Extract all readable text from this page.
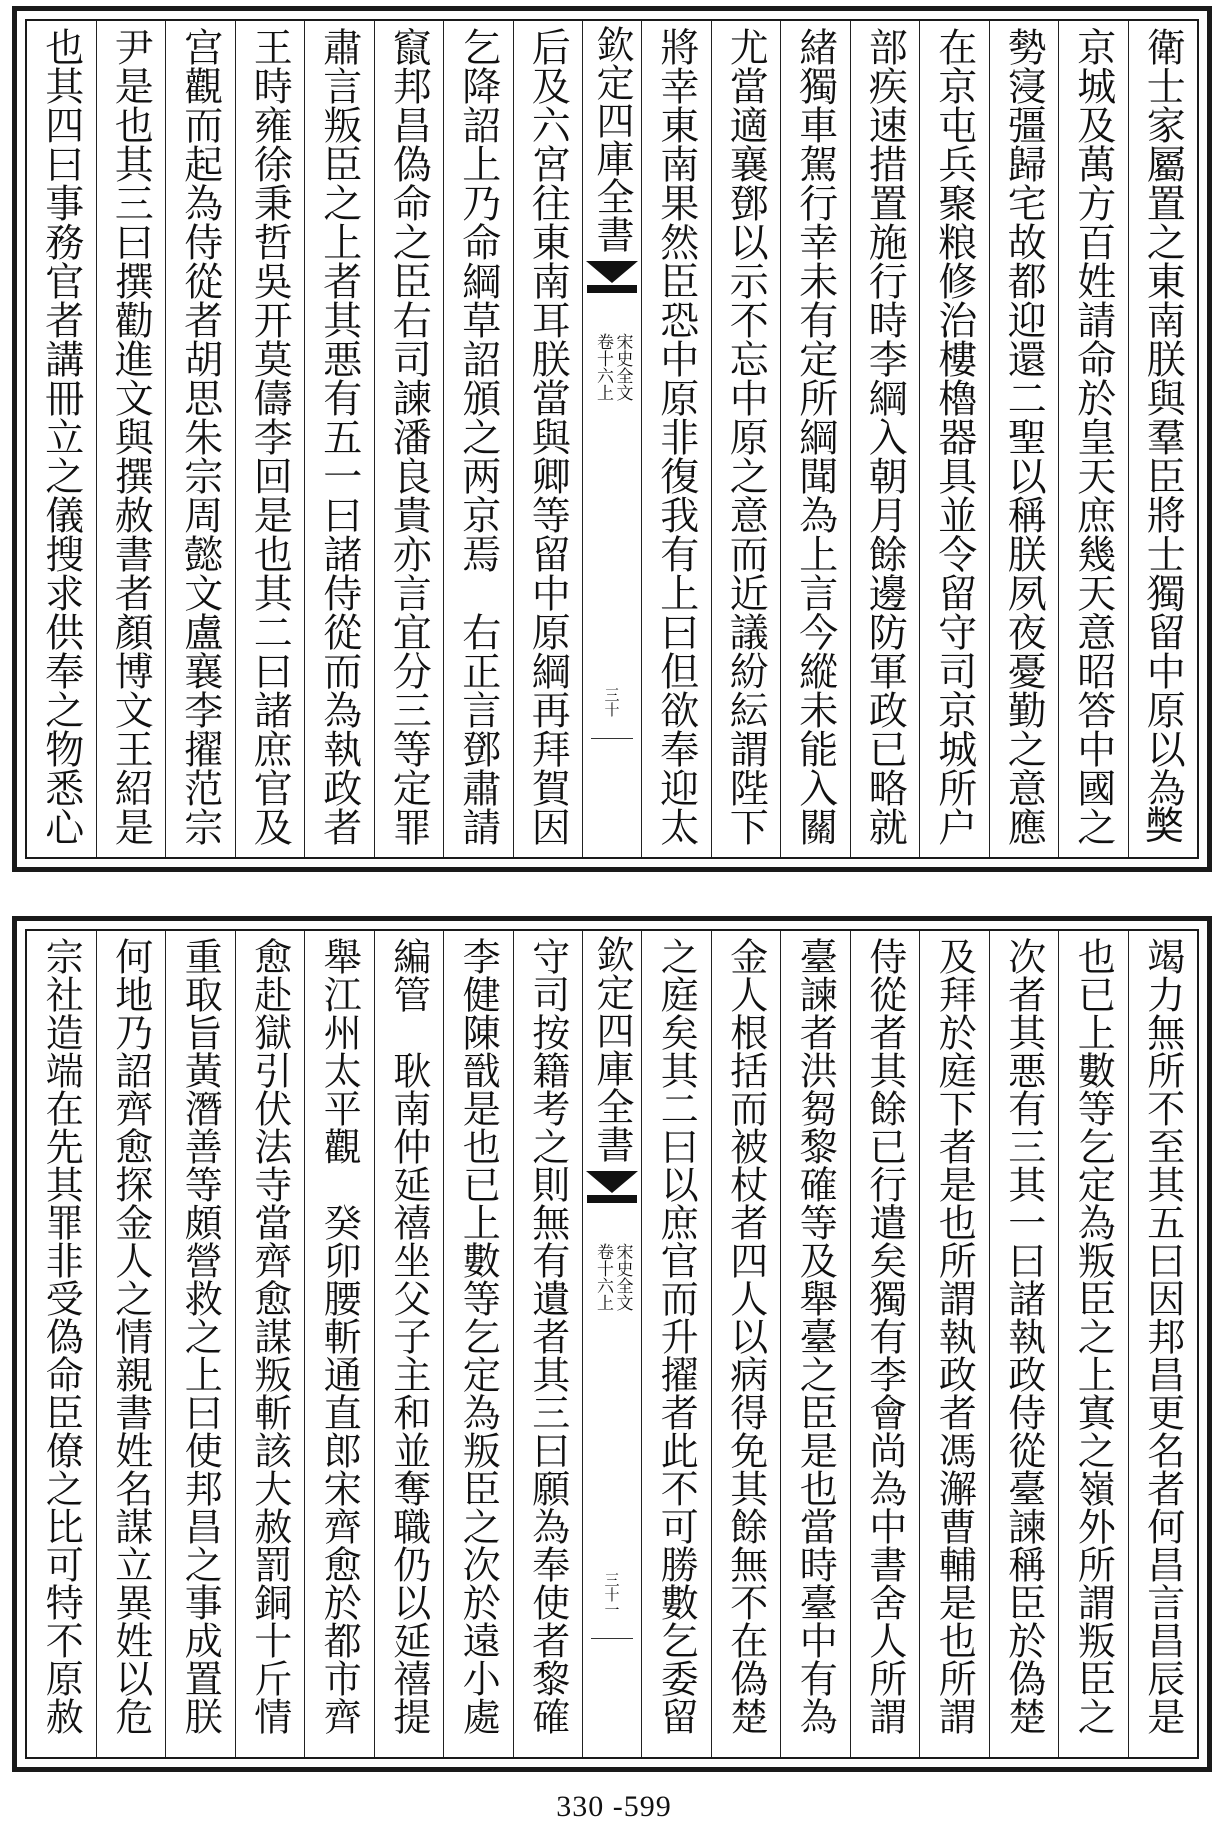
衛士家屬置之東南朕與羣臣將士獨留中原以為𡚁
京城及萬方百姓請命於皇天庶幾天意昭答中國之
勢寖彊歸宅故都迎還二聖以稱朕夙夜憂勤之意應
在京屯兵聚粮修治樓櫓器具並令留守司京城所户
部疾速措置施行時李綱入朝月餘邊防軍政已略就
緒獨車駕行幸未有定所綱聞為上言今縱未能入關
尤當適襄鄧以示不忘中原之意而近議紛紜謂陛下
將幸東南果然臣恐中原非復我有上曰但欲奉迎太
欽定四庫全書
宋史全文
卷十六上
三十
后及六宮往東南耳朕當與卿等留中原綱再拜賀因
乞降詔上乃命綱草詔頒之两京焉　右正言鄧肅請
竄邦昌偽命之臣右司諫潘良貴亦言宜分三等定罪
肅言叛臣之上者其悪有五一曰諸侍從而為執政者
王時雍徐秉哲吳开莫儔李回是也其二曰諸庶官及
宫觀而起為侍從者胡思朱宗周懿文盧襄李擢范宗
尹是也其三曰撰勸進文與撰赦書者顏博文王紹是
也其四曰事務官者講冊立之儀搜求供奉之物悉心
竭力無所不至其五曰因邦昌更名者何昌言昌辰是
也已上數等乞定為叛臣之上寘之嶺外所謂叛臣之
次者其悪有三其一曰諸執政侍從臺諫稱臣於偽楚
及拜於庭下者是也所謂執政者馮澥曹輔是也所謂
侍從者其餘已行遣矣獨有李會尚為中書舍人所謂
臺諫者洪芻黎確等及舉臺之臣是也當時臺中有為
金人根括而被杖者四人以病得免其餘無不在偽楚
之庭矣其二曰以庶官而升擢者此不可勝數乞委留
欽定四庫全書
宋史全文
卷十六上
三十一
守司按籍考之則無有遺者其三曰願為奉使者黎確
李健陳戩是也已上數等乞定為叛臣之次於遠小處
編管　耿南仲延禧坐父子主和並奪職仍以延禧提
舉江州太平觀　癸卯腰斬通直郎宋齊愈於都市齊
愈赴獄引伏法寺當齊愈謀叛斬該大赦罰銅十斤情
重取旨黃潛善等頗營救之上曰使邦昌之事成置朕
何地乃詔齊愈探金人之情親書姓名謀立異姓以危
宗社造端在先其罪非受偽命臣僚之比可特不原赦
330 -599
